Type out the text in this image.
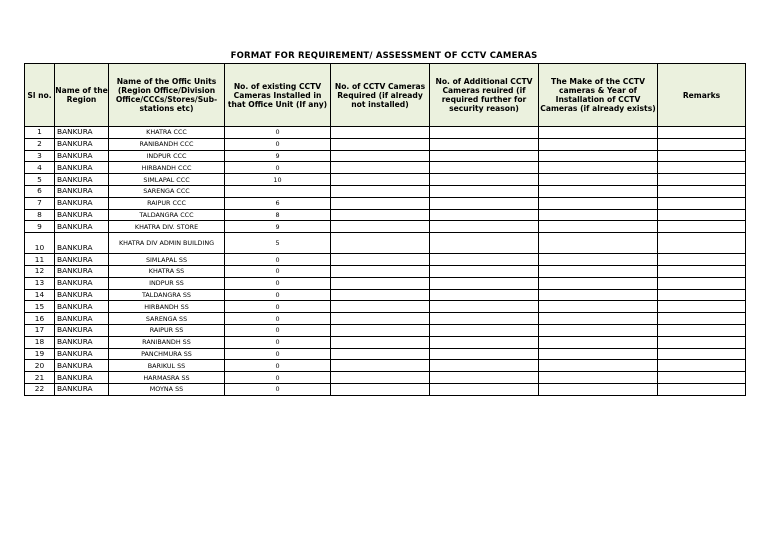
FORMAT FOR REQUIREMENT/ ASSESSMENT OF CCTV CAMERAS
Sl no.	Name of the Region	Name of the Offic Units (Region Office/Division Office/CCCs/Stores/Sub-stations etc)	No. of existing CCTV Cameras Installed in that Office Unit (If any)	No. of CCTV Cameras Required (if already not installed)	No. of Additional CCTV Cameras reuired (if required further for security reason)	The Make of the CCTV cameras & Year of Installation of CCTV Cameras (if already exists)	Remarks
1	BANKURA	KHATRA CCC	0				
2	BANKURA	RANIBANDH CCC	0				
3	BANKURA	INDPUR CCC	9				
4	BANKURA	HIRBANDH CCC	0				
5	BANKURA	SIMLAPAL CCC	10				
6	BANKURA	SARENGA CCC					
7	BANKURA	RAIPUR CCC	6				
8	BANKURA	TALDANGRA CCC	8				
9	BANKURA	KHATRA DIV. STORE	9				
10	BANKURA	KHATRA DIV ADMIN BUILDING	5				
11	BANKURA	SIMLAPAL SS	0				
12	BANKURA	KHATRA SS	0				
13	BANKURA	INDPUR SS	0				
14	BANKURA	TALDANGRA SS	0				
15	BANKURA	HIRBANDH SS	0				
16	BANKURA	SARENGA SS	0				
17	BANKURA	RAIPUR SS	0				
18	BANKURA	RANIBANDH SS	0				
19	BANKURA	PANCHMURA SS	0				
20	BANKURA	BARIKUL SS	0				
21	BANKURA	HARMASRA SS	0				
22	BANKURA	MOYNA SS	0				
